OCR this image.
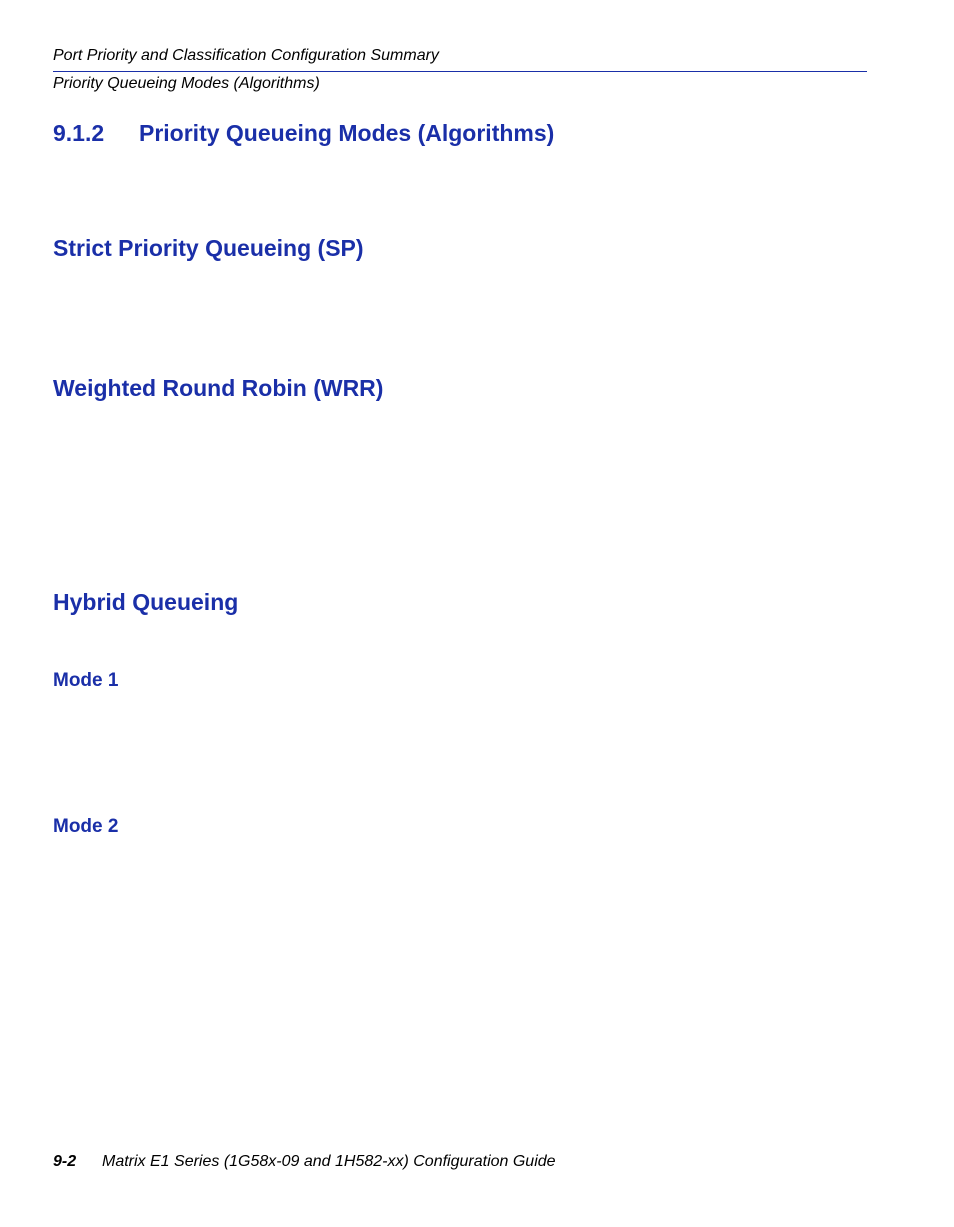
Port Priority and Classification Configuration Summary
Priority Queueing Modes (Algorithms)
9.1.2 Priority Queueing Modes (Algorithms)
Strict Priority Queueing (SP)
Weighted Round Robin (WRR)
Hybrid Queueing
Mode 1
Mode 2
9-2 Matrix E1 Series (1G58x-09 and 1H582-xx) Configuration Guide
